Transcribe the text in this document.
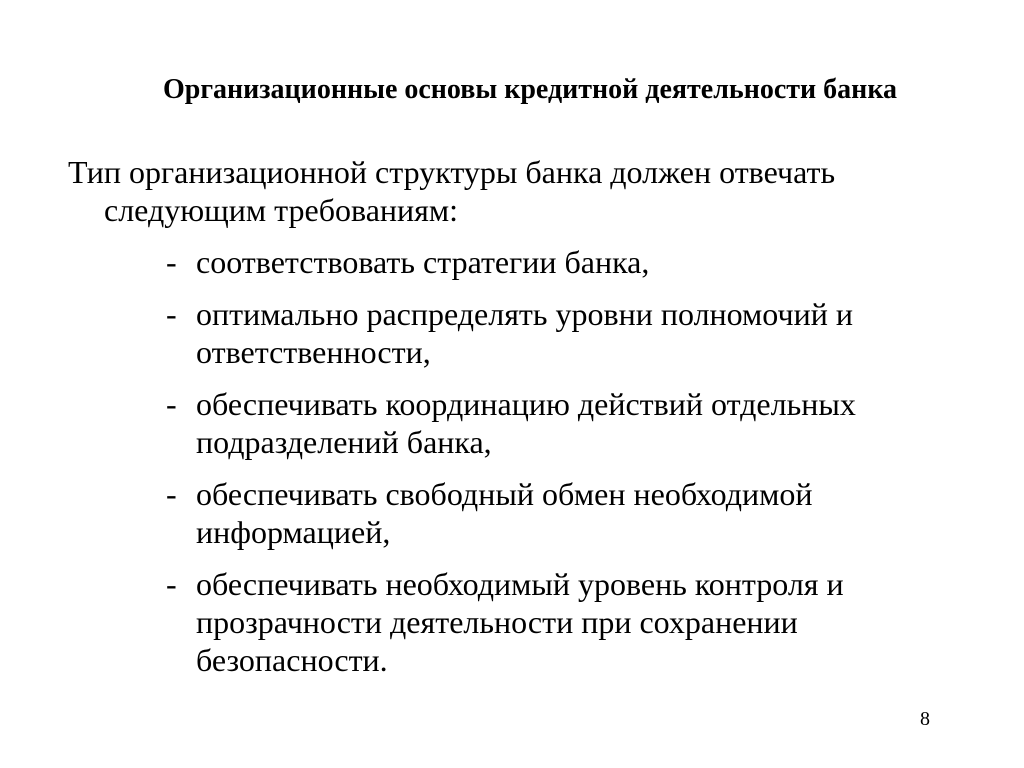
Организационные основы кредитной деятельности банка
Тип организационной структуры банка должен отвечать следующим требованиям:
- соответствовать стратегии банка,
- оптимально распределять уровни полномочий и ответственности,
- обеспечивать координацию действий отдельных подразделений банка,
- обеспечивать свободный обмен необходимой информацией,
- обеспечивать необходимый уровень контроля и прозрачности деятельности при сохранении безопасности.
8
